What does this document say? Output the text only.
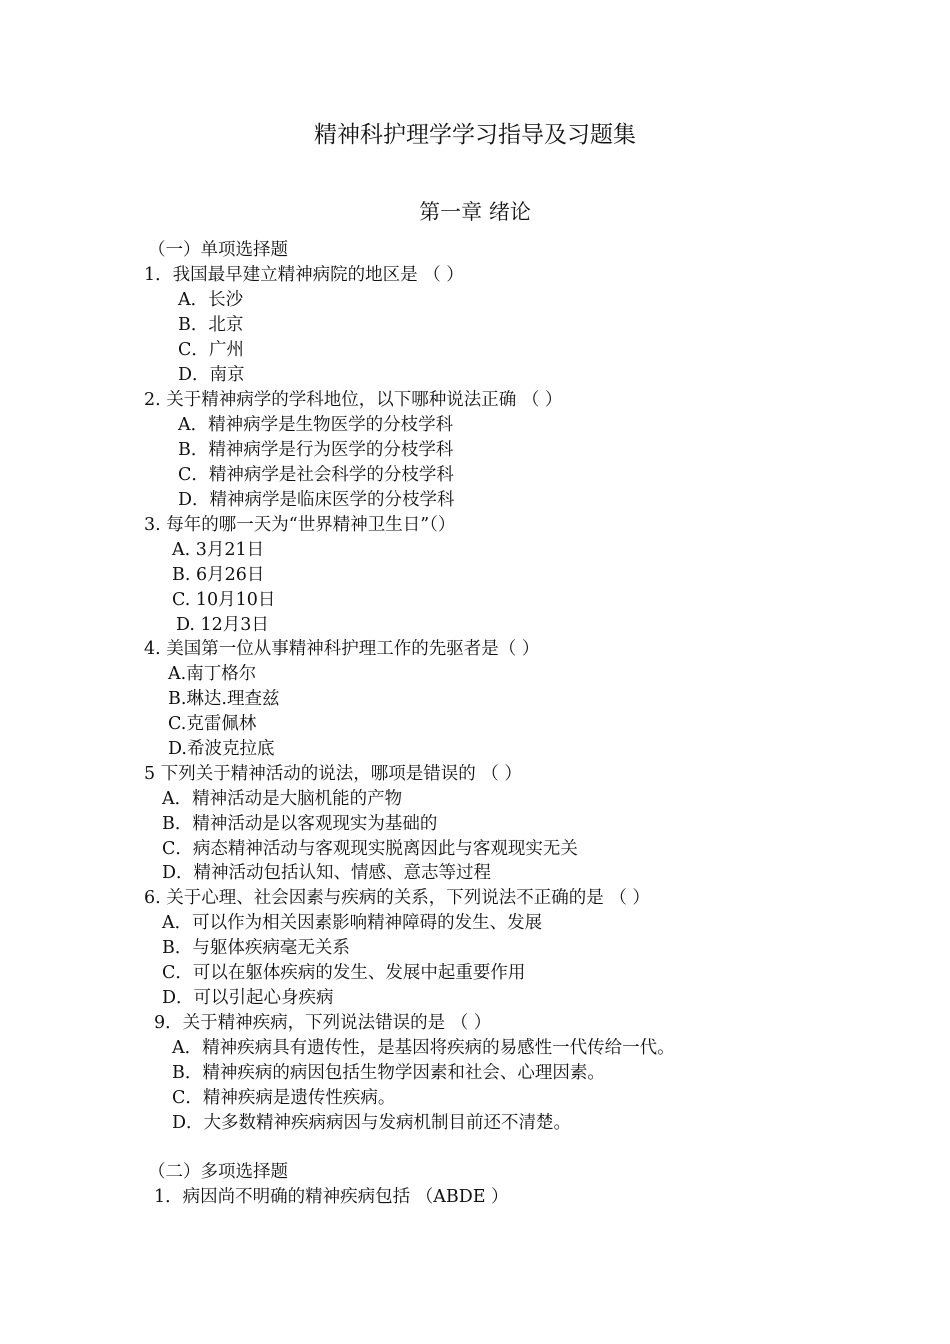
精神科护理学学习指导及习题集
第一章 绪论
（一）单项选择题
1．我国最早建立精神病院的地区是 （ ）
A．长沙
B．北京
C．广州
D．南京
2. 关于精神病学的学科地位，以下哪种说法正确 （ ）
A．精神病学是生物医学的分枝学科
B．精神病学是行为医学的分枝学科
C．精神病学是社会科学的分枝学科
D．精神病学是临床医学的分枝学科
3. 每年的哪一天为“世界精神卫生日”（）
A. 3月21日
B. 6月26日
C. 10月10日
D. 12月3日
4. 美国第一位从事精神科护理工作的先驱者是（ ）
A.南丁格尔
B.琳达.理查兹
C.克雷佩林
D.希波克拉底
5 下列关于精神活动的说法，哪项是错误的 （ ）
A．精神活动是大脑机能的产物
B．精神活动是以客观现实为基础的
C．病态精神活动与客观现实脱离因此与客观现实无关
D．精神活动包括认知、情感、意志等过程
6. 关于心理、社会因素与疾病的关系，下列说法不正确的是 （ ）
A．可以作为相关因素影响精神障碍的发生、发展
B．与躯体疾病毫无关系
C．可以在躯体疾病的发生、发展中起重要作用
D．可以引起心身疾病
9．关于精神疾病，下列说法错误的是 （ ）
A．精神疾病具有遗传性，是基因将疾病的易感性一代传给一代。
B．精神疾病的病因包括生物学因素和社会、心理因素。
C．精神疾病是遗传性疾病。
D．大多数精神疾病病因与发病机制目前还不清楚。
（二）多项选择题
1．病因尚不明确的精神疾病包括 （ABDE ）
